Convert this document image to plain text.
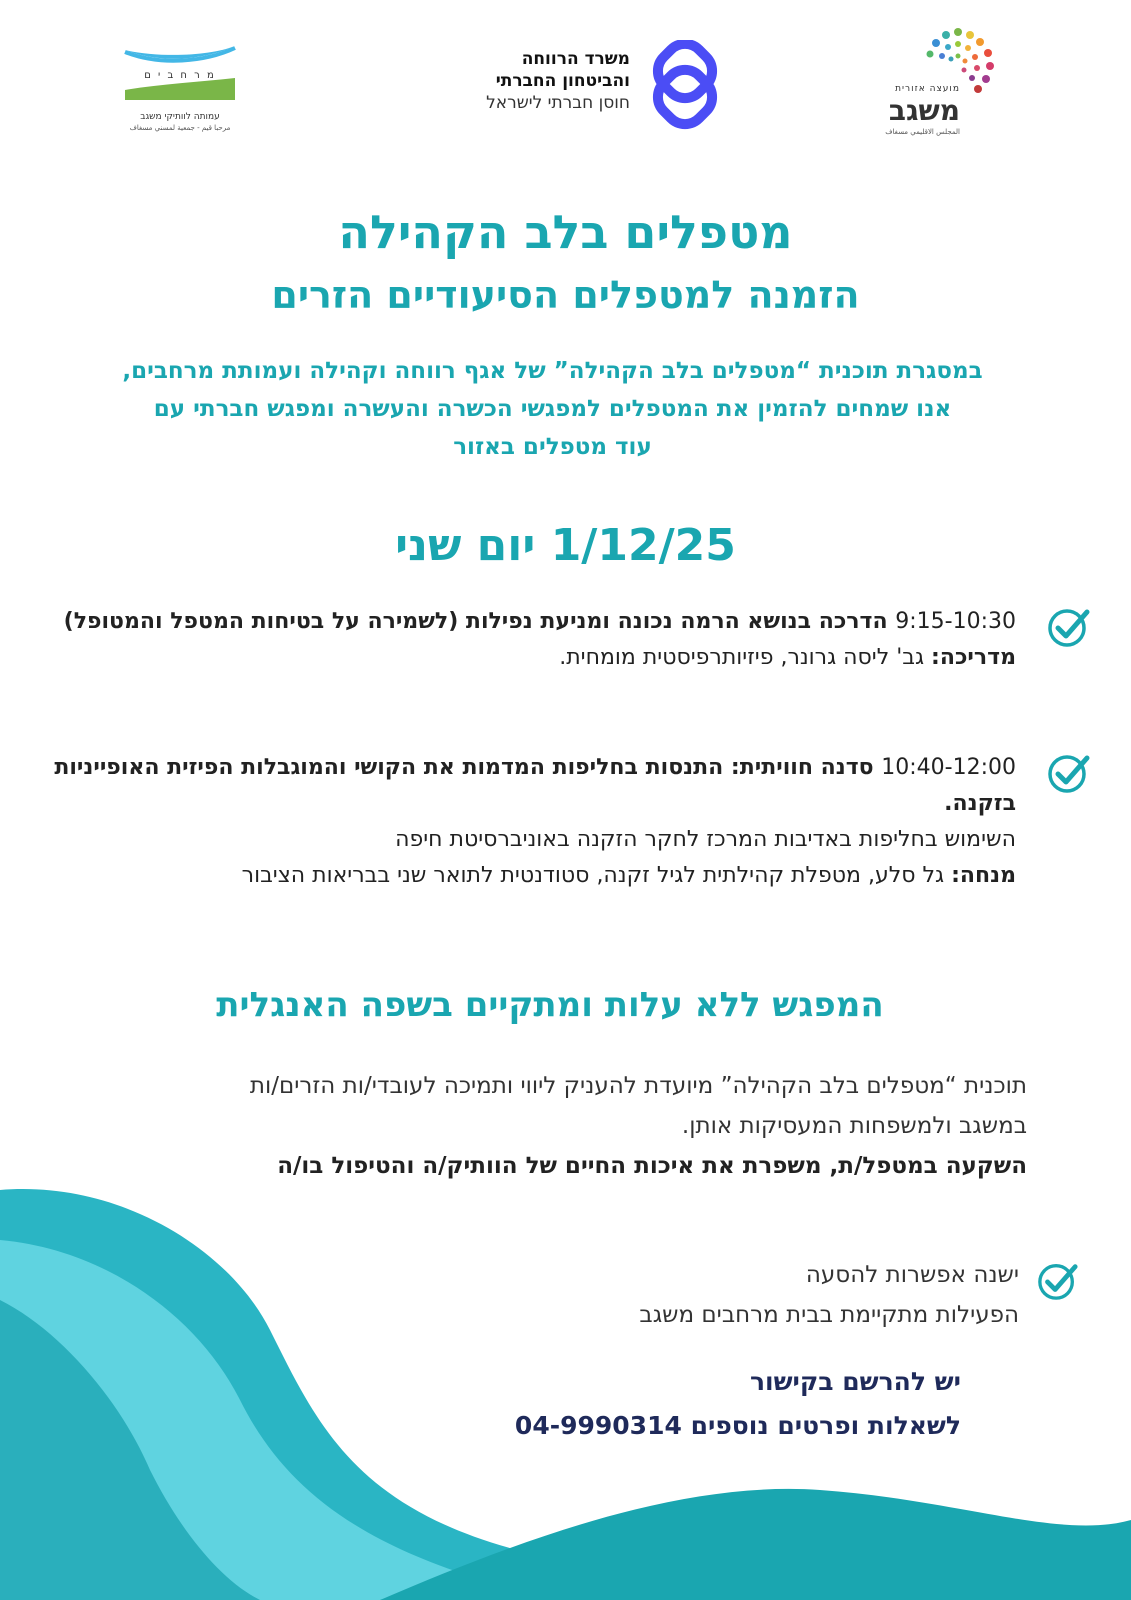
מ ר ח ב י ם
עמותה לוותיקי משגב
مرحبا قيم - جمعية لمسني مسغاف
משרד הרווחה
והביטחון החברתי
חוסן חברתי לישראל
מועצה אזורית
משגב
المجلس الاقليمي مسغاف
מטפלים בלב הקהילה
הזמנה למטפלים הסיעודיים הזרים
במסגרת תוכנית “מטפלים בלב הקהילה” של אגף רווחה וקהילה ועמותת מרחבים,
אנו שמחים להזמין את המטפלים למפגשי הכשרה והעשרה ומפגש חברתי עם
עוד מטפלים באזור
1/12/25 יום שני
9:15-10:30 הדרכה בנושא הרמה נכונה ומניעת נפילות (לשמירה על בטיחות המטפל והמטופל)
מדריכה: גב' ליסה גרונר, פיזיותרפיסטית מומחית.
10:40-12:00 סדנה חוויתית: התנסות בחליפות המדמות את הקושי והמוגבלות הפיזית האופייניות בזקנה.
השימוש בחליפות באדיבות המרכז לחקר הזקנה באוניברסיטת חיפה
מנחה: גל סלע, מטפלת קהילתית לגיל זקנה, סטודנטית לתואר שני בבריאות הציבור
המפגש ללא עלות ומתקיים בשפה האנגלית
תוכנית “מטפלים בלב הקהילה” מיועדת להעניק ליווי ותמיכה לעובדי/ות הזרים/ות
במשגב ולמשפחות המעסיקות אותן.
השקעה במטפל/ת, משפרת את איכות החיים של הוותיק/ה והטיפול בו/ה
ישנה אפשרות להסעה
הפעילות מתקיימת בבית מרחבים משגב
יש להרשם בקישור
לשאלות ופרטים נוספים 04-9990314
